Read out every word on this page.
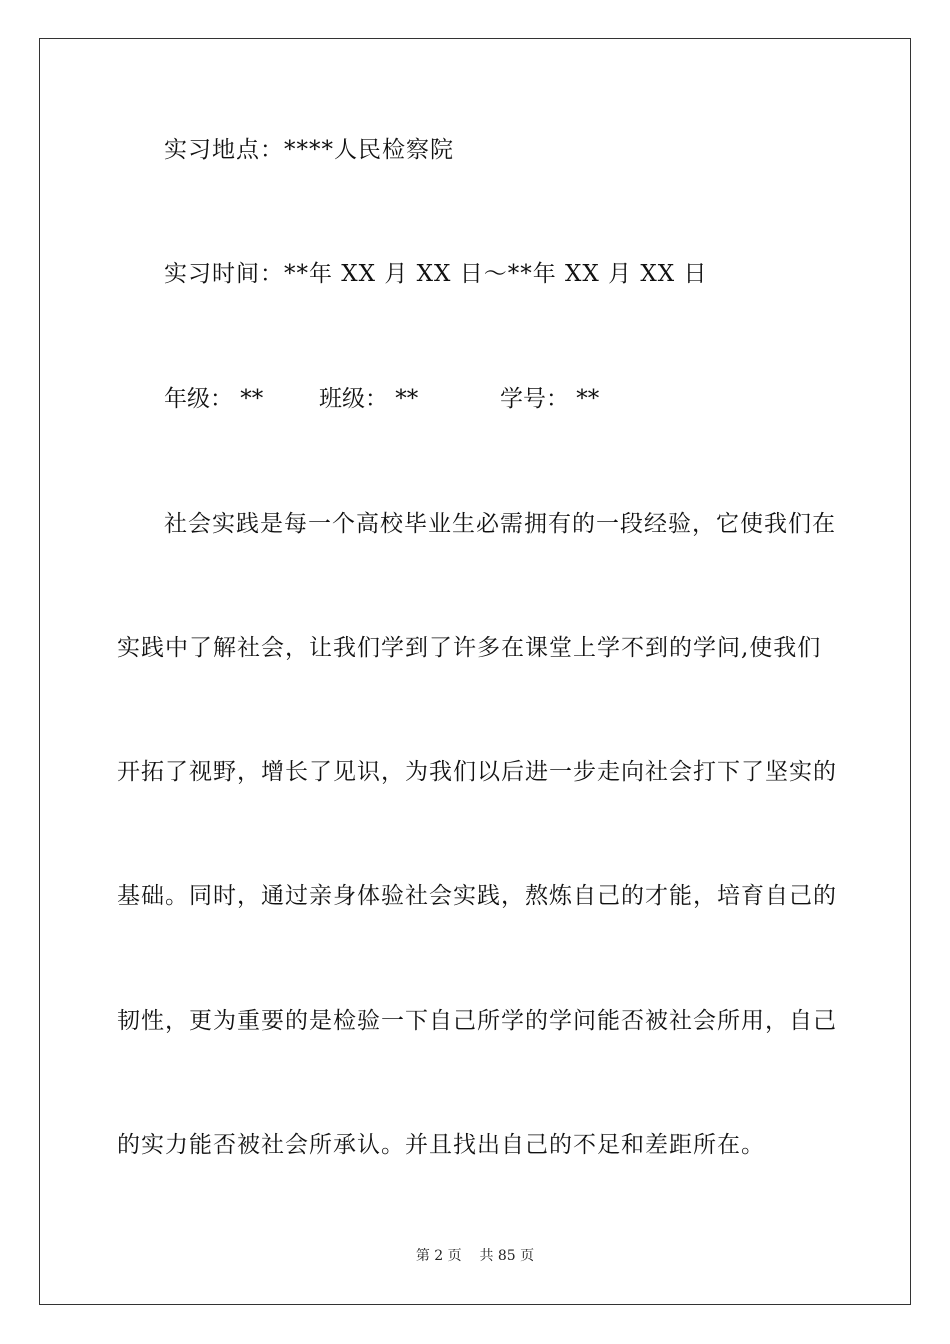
实习地点：****人民检察院
实习时间：**年 XX 月 XX 日～**年 XX 月 XX 日
年级： ** 班级： **	学号： **
社会实践是每一个高校毕业生必需拥有的一段经验，它使我们在
实践中了解社会，让我们学到了许多在课堂上学不到的学问,使我们
开拓了视野，增长了见识，为我们以后进一步走向社会打下了坚实的
基础。同时，通过亲身体验社会实践，熬炼自己的才能，培育自己的
韧性，更为重要的是检验一下自己所学的学问能否被社会所用，自己
的实力能否被社会所承认。并且找出自己的不足和差距所在。
第 2 页 共 85 页
